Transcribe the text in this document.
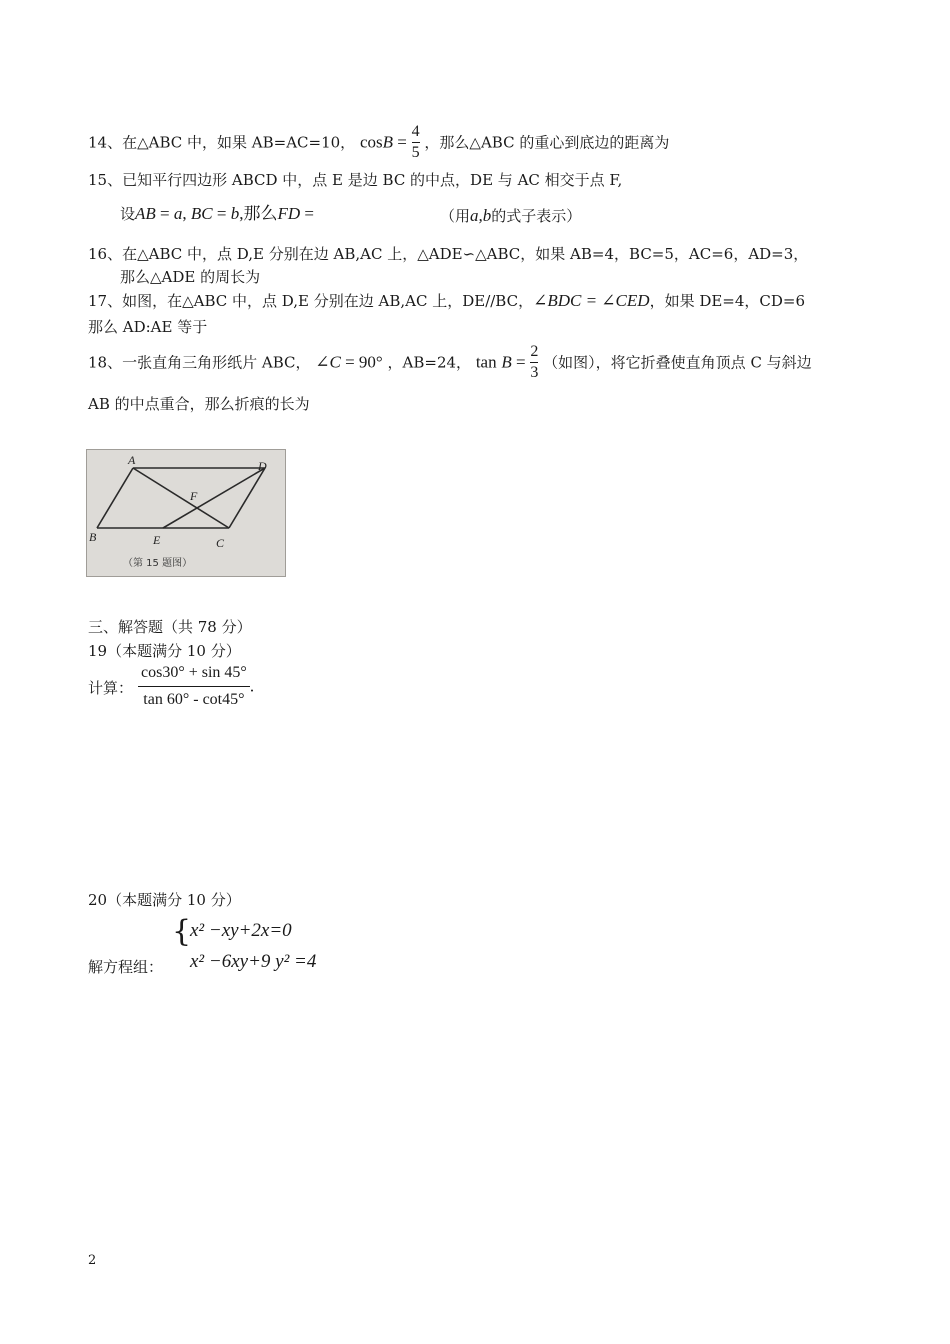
14、在△ABC 中，如果 AB=AC=10， $\cos B = \frac{4}{5}$ ，那么△ABC 的重心到底边的距离为
15、已知平行四边形 ABCD 中，点 E 是边 BC 的中点，DE 与 AC 相交于点 F,
设AB = a, BC = b,那么FD =	（用a,b的式子表示）
16、在△ABC 中，点 D,E 分别在边 AB,AC 上，△ADE∽△ABC，如果 AB=4，BC=5，AC=6，AD=3，
那么△ADE 的周长为
17、如图，在△ABC 中，点 D,E 分别在边 AB,AC 上，DE//BC，∠BDC = ∠CED，如果 DE=4，CD=6
那么 AD:AE 等于
18、一张直角三角形纸片 ABC， ∠C = 90° ，AB=24， $\tan B = \frac{2}{3}$ （如图），将它折叠使直角顶点 C 与斜边
AB 的中点重合，那么折痕的长为
A	D
B	C
E
F
（第 15 题图）
三、解答题（共 78 分）
19（本题满分 10 分）
计算： $\frac{\cos 30^\circ + \sin 45^\circ}{\tan 60^\circ - \cot 45^\circ}$ .
20（本题满分 10 分）
{
x² −xy+2x=0
解方程组： x² −6xy+9 y² =4
2
